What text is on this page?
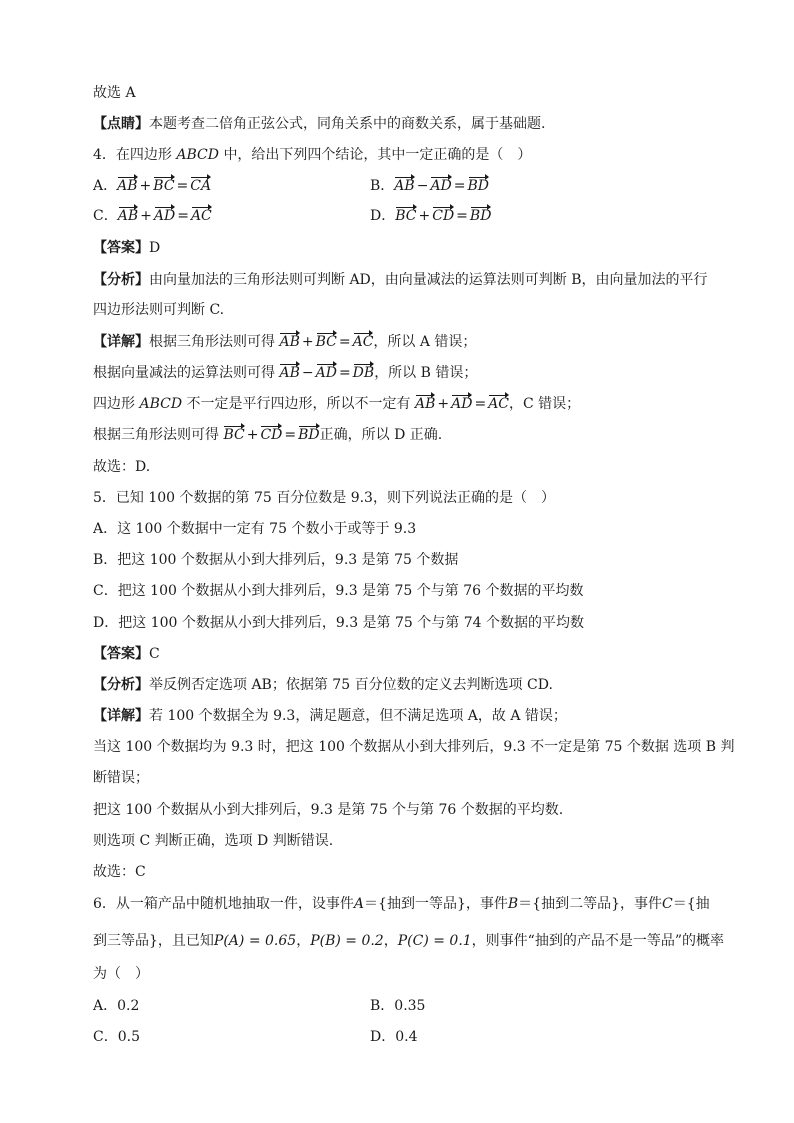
故选 A
【点睛】本题考查二倍角正弦公式，同角关系中的商数关系，属于基础题.
4．在四边形 ABCD 中，给出下列四个结论，其中一定正确的是（　）
A．AB + BC = CA	B．AB − AD = BD
C．AB + AD = AC	D．BC + CD = BD
【答案】D
【分析】由向量加法的三角形法则可判断 AD，由向量减法的运算法则可判断 B，由向量加法的平行
四边形法则可判断 C.
【详解】根据三角形法则可得 AB + BC = AC，所以 A 错误；
根据向量减法的运算法则可得 AB − AD = DB，所以 B 错误；
四边形 ABCD 不一定是平行四边形，所以不一定有 AB + AD = AC，C 错误；
根据三角形法则可得 BC + CD = BD正确，所以 D 正确.
故选：D.
5．已知 100 个数据的第 75 百分位数是 9.3，则下列说法正确的是（　）
A．这 100 个数据中一定有 75 个数小于或等于 9.3
B．把这 100 个数据从小到大排列后，9.3 是第 75 个数据
C．把这 100 个数据从小到大排列后，9.3 是第 75 个与第 76 个数据的平均数
D．把这 100 个数据从小到大排列后，9.3 是第 75 个与第 74 个数据的平均数
【答案】C
【分析】举反例否定选项 AB；依据第 75 百分位数的定义去判断选项 CD.
【详解】若 100 个数据全为 9.3，满足题意，但不满足选项 A，故 A 错误；
当这 100 个数据均为 9.3 时，把这 100 个数据从小到大排列后，9.3 不一定是第 75 个数据 选项 B 判
断错误；
把这 100 个数据从小到大排列后，9.3 是第 75 个与第 76 个数据的平均数.
则选项 C 判断正确，选项 D 判断错误.
故选：C
6．从一箱产品中随机地抽取一件，设事件A＝{抽到一等品}，事件B＝{抽到二等品}，事件C＝{抽
到三等品}，且已知P(A) = 0.65，P(B) = 0.2，P(C) = 0.1，则事件“抽到的产品不是一等品”的概率
为（　）
A．0.2	B．0.35
C．0.5	D．0.4
